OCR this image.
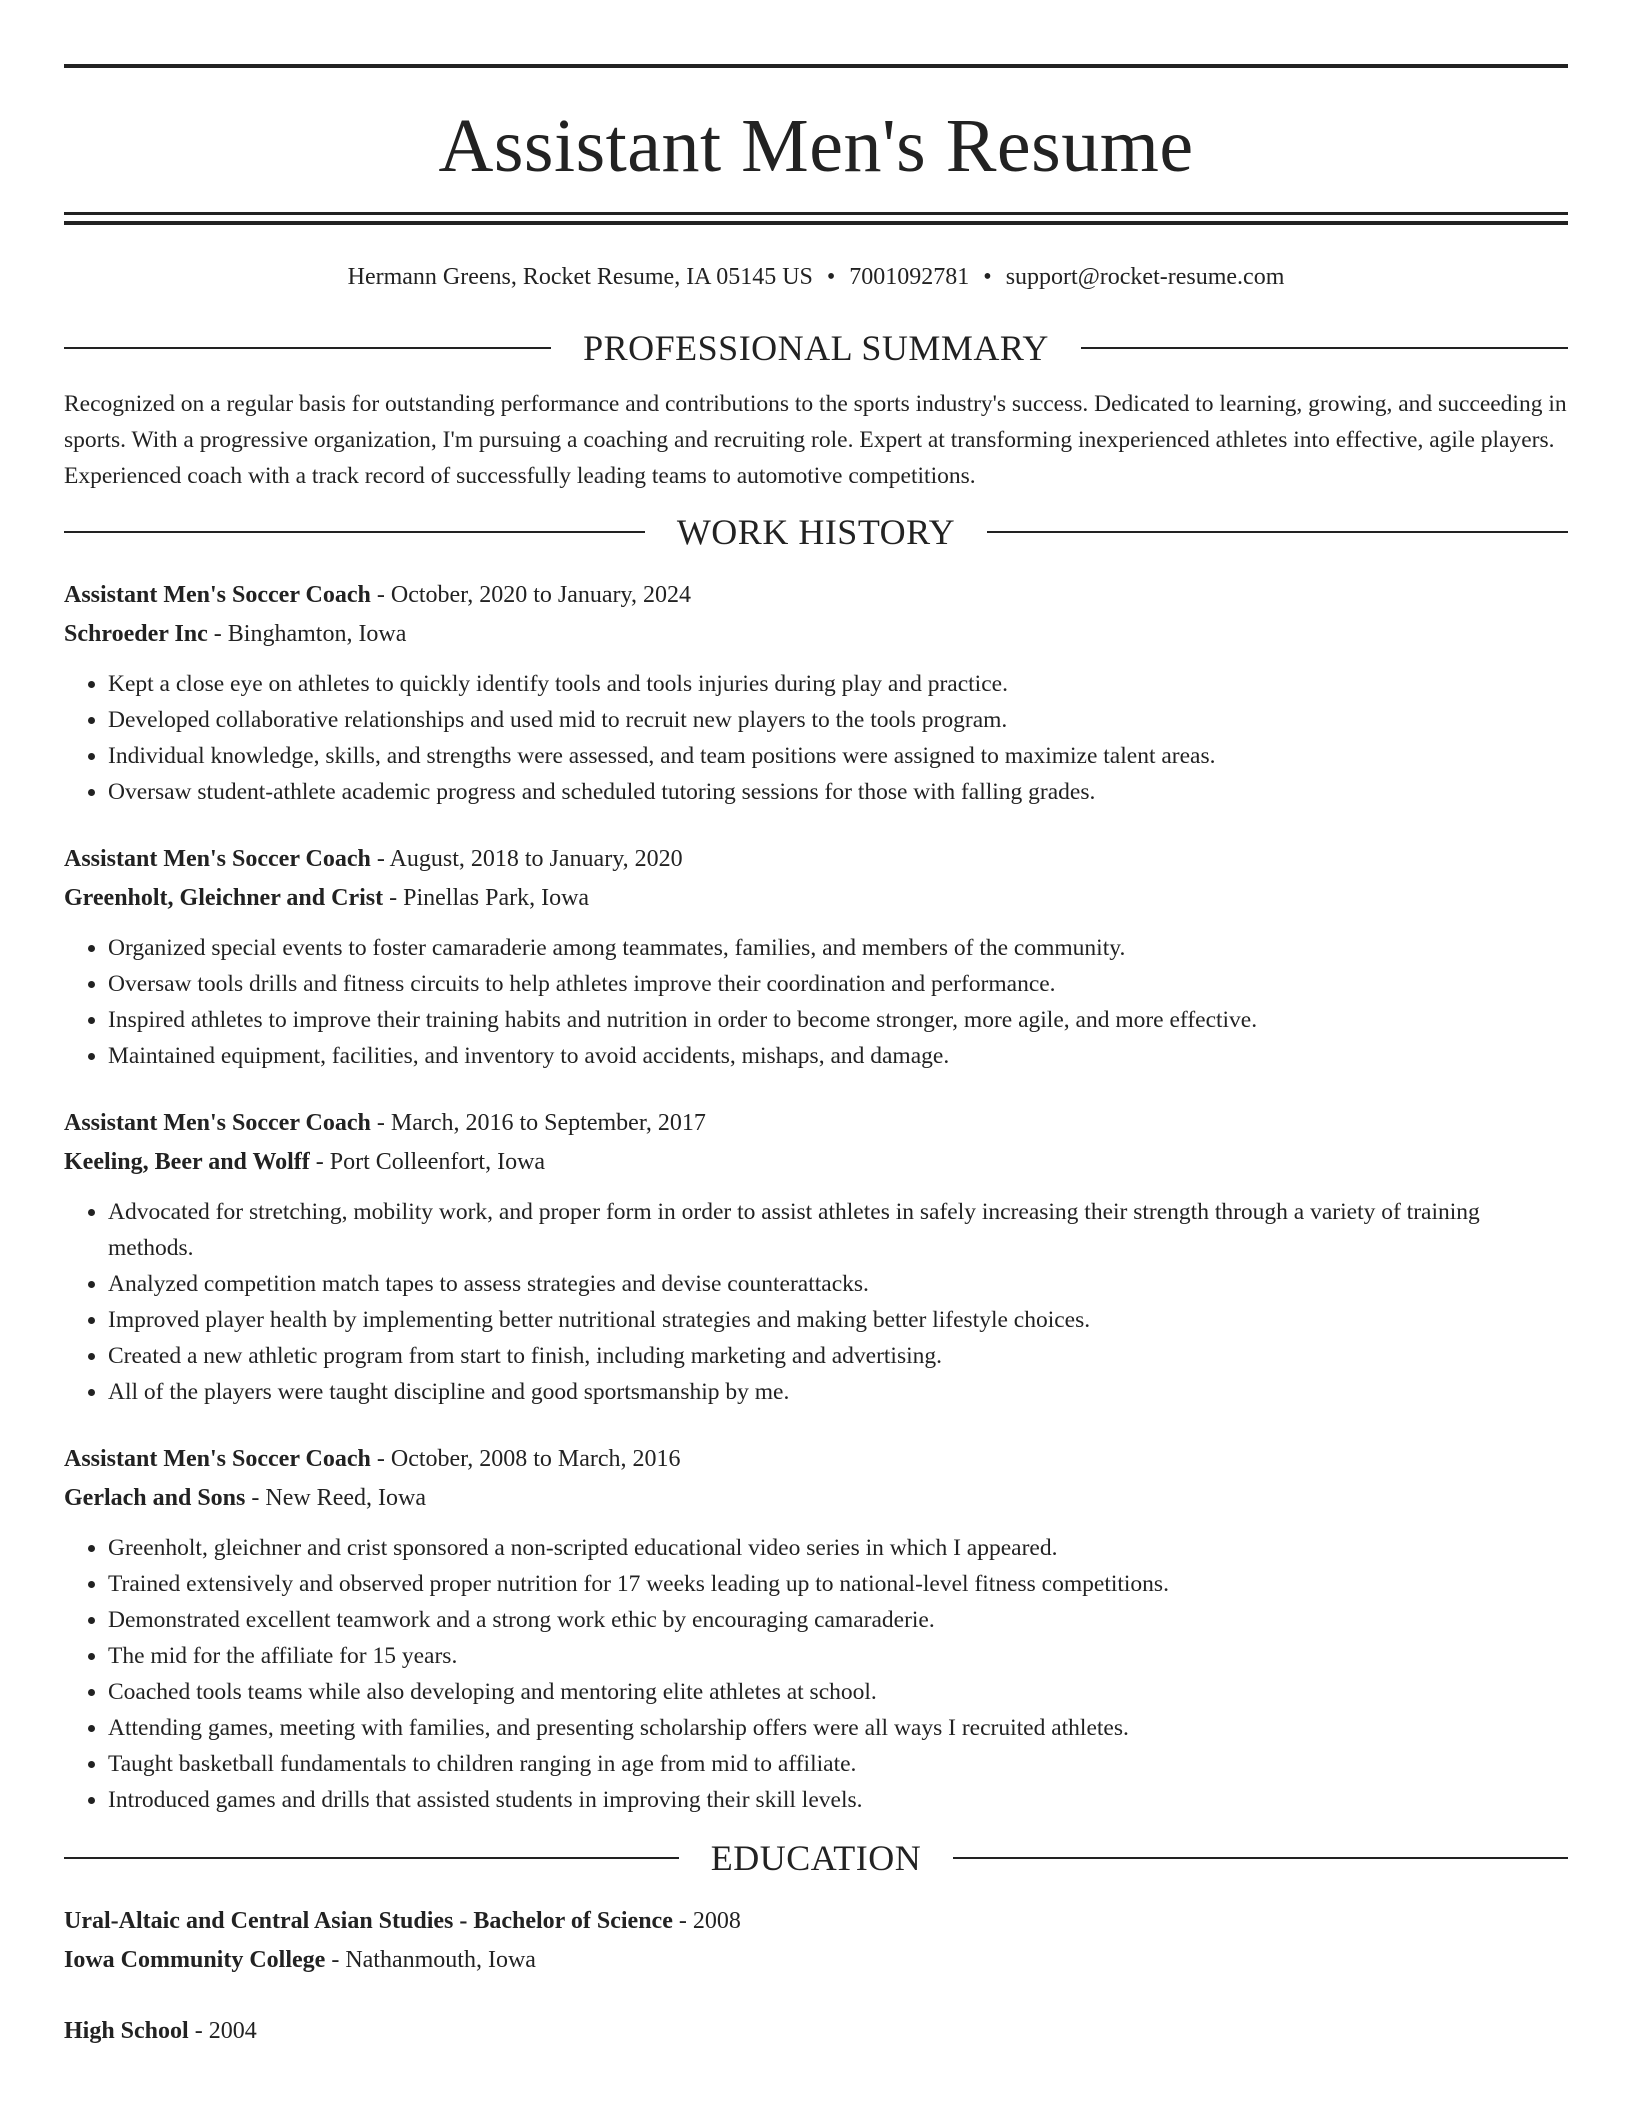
Assistant Men's Resume
Hermann Greens, Rocket Resume, IA 05145 US • 7001092781 • support@rocket-resume.com
PROFESSIONAL SUMMARY

Recognized on a regular basis for outstanding performance and contributions to the sports industry's success. Dedicated to learning, growing, and succeeding in sports. With a progressive organization, I'm pursuing a coaching and recruiting role. Expert at transforming inexperienced athletes into effective, agile players. Experienced coach with a track record of successfully leading teams to automotive competitions.

WORK HISTORY
Assistant Men's Soccer Coach - October, 2020 to January, 2024
Schroeder Inc - Binghamton, Iowa
• Kept a close eye on athletes to quickly identify tools and tools injuries during play and practice.
• Developed collaborative relationships and used mid to recruit new players to the tools program.
• Individual knowledge, skills, and strengths were assessed, and team positions were assigned to maximize talent areas.
• Oversaw student-athlete academic progress and scheduled tutoring sessions for those with falling grades.
Assistant Men's Soccer Coach - August, 2018 to January, 2020
Greenholt, Gleichner and Crist - Pinellas Park, Iowa
• Organized special events to foster camaraderie among teammates, families, and members of the community.
• Oversaw tools drills and fitness circuits to help athletes improve their coordination and performance.
• Inspired athletes to improve their training habits and nutrition in order to become stronger, more agile, and more effective.
• Maintained equipment, facilities, and inventory to avoid accidents, mishaps, and damage.
Assistant Men's Soccer Coach - March, 2016 to September, 2017
Keeling, Beer and Wolff - Port Colleenfort, Iowa
• Advocated for stretching, mobility work, and proper form in order to assist athletes in safely increasing their strength through a variety of training methods.
• Analyzed competition match tapes to assess strategies and devise counterattacks.
• Improved player health by implementing better nutritional strategies and making better lifestyle choices.
• Created a new athletic program from start to finish, including marketing and advertising.
• All of the players were taught discipline and good sportsmanship by me.
Assistant Men's Soccer Coach - October, 2008 to March, 2016
Gerlach and Sons - New Reed, Iowa
• Greenholt, gleichner and crist sponsored a non-scripted educational video series in which I appeared.
• Trained extensively and observed proper nutrition for 17 weeks leading up to national-level fitness competitions.
• Demonstrated excellent teamwork and a strong work ethic by encouraging camaraderie.
• The mid for the affiliate for 15 years.
• Coached tools teams while also developing and mentoring elite athletes at school.
• Attending games, meeting with families, and presenting scholarship offers were all ways I recruited athletes.
• Taught basketball fundamentals to children ranging in age from mid to affiliate.
• Introduced games and drills that assisted students in improving their skill levels.
EDUCATION
Ural-Altaic and Central Asian Studies - Bachelor of Science - 2008
Iowa Community College - Nathanmouth, Iowa
High School - 2004
